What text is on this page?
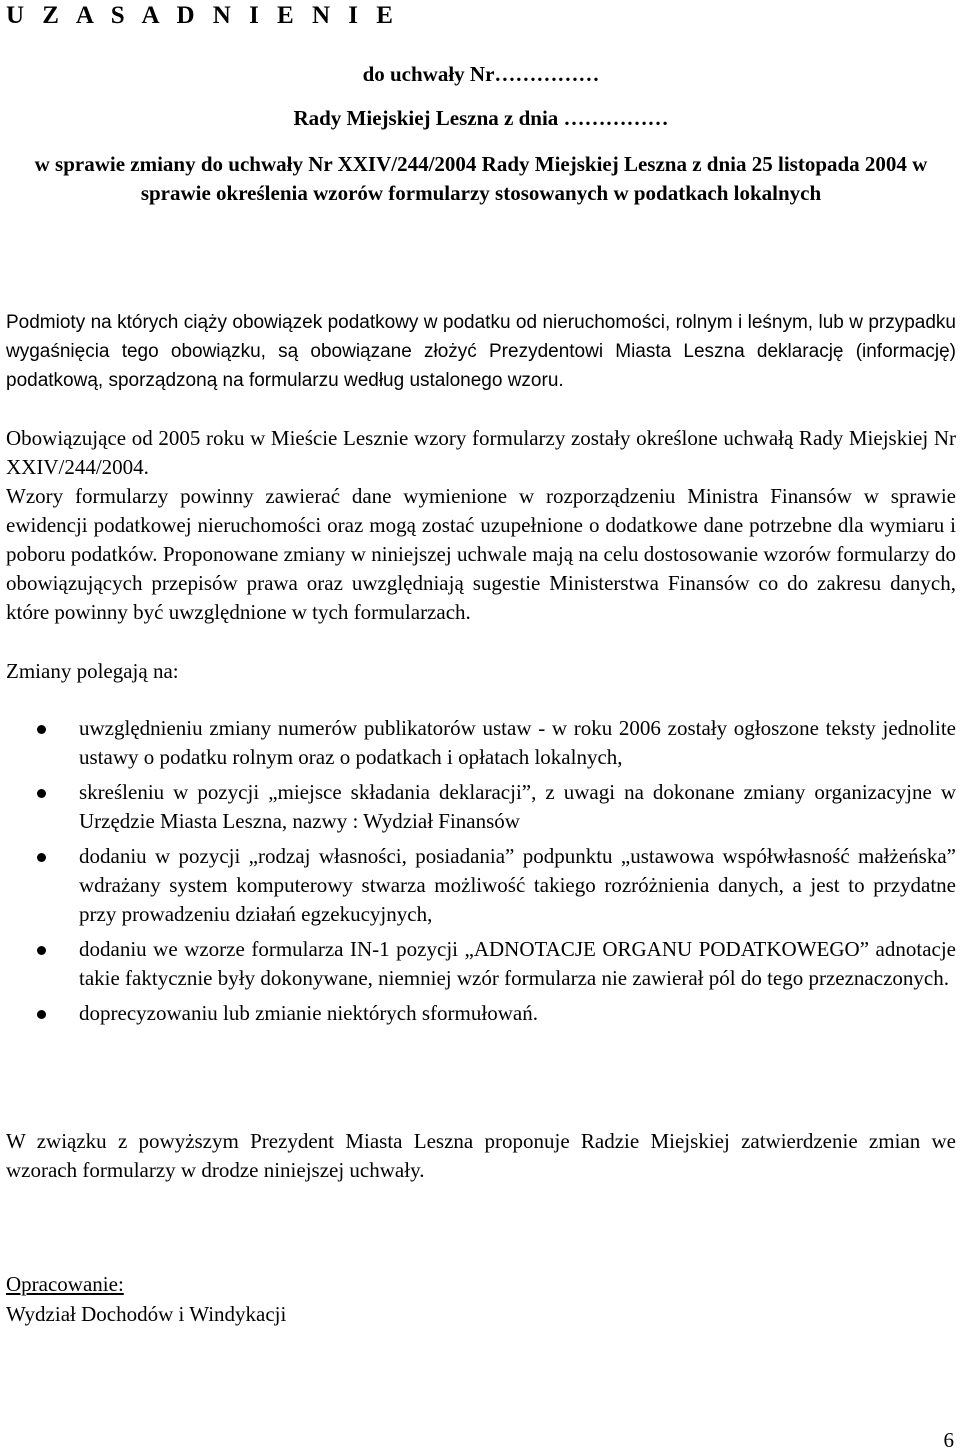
U Z A S A D N I E N I E
do uchwały Nr……………
Rady Miejskiej Leszna z dnia ……………
w sprawie zmiany do uchwały Nr XXIV/244/2004 Rady Miejskiej Leszna z dnia 25 listopada 2004 w sprawie określenia wzorów formularzy stosowanych w podatkach lokalnych
Podmioty na których ciąży obowiązek podatkowy w podatku od nieruchomości, rolnym i leśnym, lub w przypadku wygaśnięcia tego obowiązku, są obowiązane złożyć Prezydentowi Miasta Leszna deklarację (informację) podatkową, sporządzoną na formularzu według ustalonego wzoru.
Obowiązujące od 2005 roku w Mieście Lesznie wzory formularzy zostały określone uchwałą Rady Miejskiej Nr XXIV/244/2004.
Wzory formularzy powinny zawierać dane wymienione w rozporządzeniu Ministra Finansów w sprawie ewidencji podatkowej nieruchomości oraz mogą zostać uzupełnione o dodatkowe dane potrzebne dla wymiaru i poboru podatków. Proponowane zmiany w niniejszej uchwale mają na celu dostosowanie wzorów formularzy do obowiązujących przepisów prawa oraz uwzględniają sugestie Ministerstwa Finansów co do zakresu danych, które powinny być uwzględnione w tych formularzach.
Zmiany polegają na:
uwzględnieniu zmiany numerów publikatorów ustaw - w roku 2006 zostały ogłoszone teksty jednolite ustawy o podatku rolnym oraz o podatkach i opłatach lokalnych,
skreśleniu w pozycji „miejsce składania deklaracji”, z uwagi na dokonane zmiany organizacyjne w Urzędzie Miasta Leszna, nazwy : Wydział Finansów
dodaniu w pozycji „rodzaj własności, posiadania” podpunktu „ustawowa współwłasność małżeńska” wdrażany system komputerowy stwarza możliwość takiego rozróżnienia danych, a jest to przydatne przy prowadzeniu działań egzekucyjnych,
dodaniu we wzorze formularza IN-1 pozycji „ADNOTACJE ORGANU PODATKOWEGO” adnotacje takie faktycznie były dokonywane, niemniej wzór formularza nie zawierał pól do tego przeznaczonych.
doprecyzowaniu lub zmianie niektórych sformułowań.
W związku z powyższym Prezydent Miasta Leszna proponuje Radzie Miejskiej zatwierdzenie zmian we wzorach formularzy w drodze niniejszej uchwały.
Opracowanie:
Wydział Dochodów i Windykacji
6
